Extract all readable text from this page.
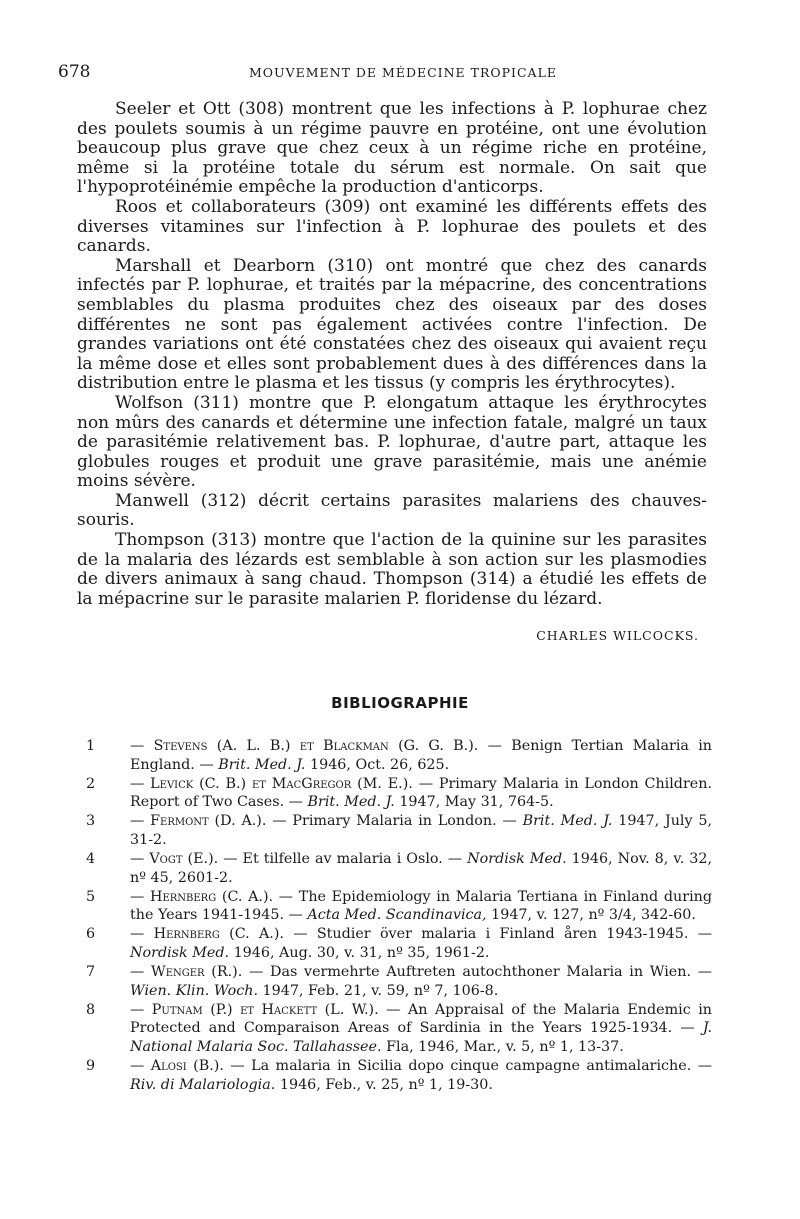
678	MOUVEMENT DE MÉDECINE TROPICALE

Seeler et Ott (308) montrent que les infections à P. lophurae chez des poulets soumis à un régime pauvre en protéine, ont une évolution beaucoup plus grave que chez ceux à un régime riche en protéine, même si la protéine totale du sérum est normale. On sait que l'hypoprotéinémie empêche la production d'anticorps.

Roos et collaborateurs (309) ont examiné les différents effets des diverses vitamines sur l'infection à P. lophurae des poulets et des canards.

Marshall et Dearborn (310) ont montré que chez des canards infectés par P. lophurae, et traités par la mépacrine, des concentrations semblables du plasma produites chez des oiseaux par des doses différentes ne sont pas également activées contre l'infection. De grandes variations ont été constatées chez des oiseaux qui avaient reçu la même dose et elles sont probablement dues à des différences dans la distribution entre le plasma et les tissus (y compris les érythrocytes).

Wolfson (311) montre que P. elongatum attaque les érythrocytes non mûrs des canards et détermine une infection fatale, malgré un taux de parasitémie relativement bas. P. lophurae, d'autre part, attaque les globules rouges et produit une grave parasitémie, mais une anémie moins sévère.

Manwell (312) décrit certains parasites malariens des chauves-souris.

Thompson (313) montre que l'action de la quinine sur les parasites de la malaria des lézards est semblable à son action sur les plasmodies de divers animaux à sang chaud. Thompson (314) a étudié les effets de la mépacrine sur le parasite malarien P. floridense du lézard.

CHARLES WILCOCKS.
BIBLIOGRAPHIE
1 — Stevens (A. L. B.) et Blackman (G. G. B.). — Benign Tertian Malaria in England. — Brit. Med. J. 1946, Oct. 26, 625.
2 — Levick (C. B.) et MacGregor (M. E.). — Primary Malaria in London Children. Report of Two Cases. — Brit. Med. J. 1947, May 31, 764-5.
3 — Fermont (D. A.). — Primary Malaria in London. — Brit. Med. J. 1947, July 5, 31-2.
4 — Vogt (E.). — Et tilfelle av malaria i Oslo. — Nordisk Med. 1946, Nov. 8, v. 32, nº 45, 2601-2.
5 — Hernberg (C. A.). — The Epidemiology in Malaria Tertiana in Finland during the Years 1941-1945. — Acta Med. Scandinavica, 1947, v. 127, nº 3/4, 342-60.
6 — Hernberg (C. A.). — Studier över malaria i Finland åren 1943-1945. — Nordisk Med. 1946, Aug. 30, v. 31, nº 35, 1961-2.
7 — Wenger (R.). — Das vermehrte Auftreten autochthoner Malaria in Wien. — Wien. Klin. Woch. 1947, Feb. 21, v. 59, nº 7, 106-8.
8 — Putnam (P.) et Hackett (L. W.). — An Appraisal of the Malaria Endemic in Protected and Comparaison Areas of Sardinia in the Years 1925-1934. — J. National Malaria Soc. Tallahassee. Fla, 1946, Mar., v. 5, nº 1, 13-37.
9 — Alosi (B.). — La malaria in Sicilia dopo cinque campagne antimalariche. — Riv. di Malariologia. 1946, Feb., v. 25, nº 1, 19-30.
